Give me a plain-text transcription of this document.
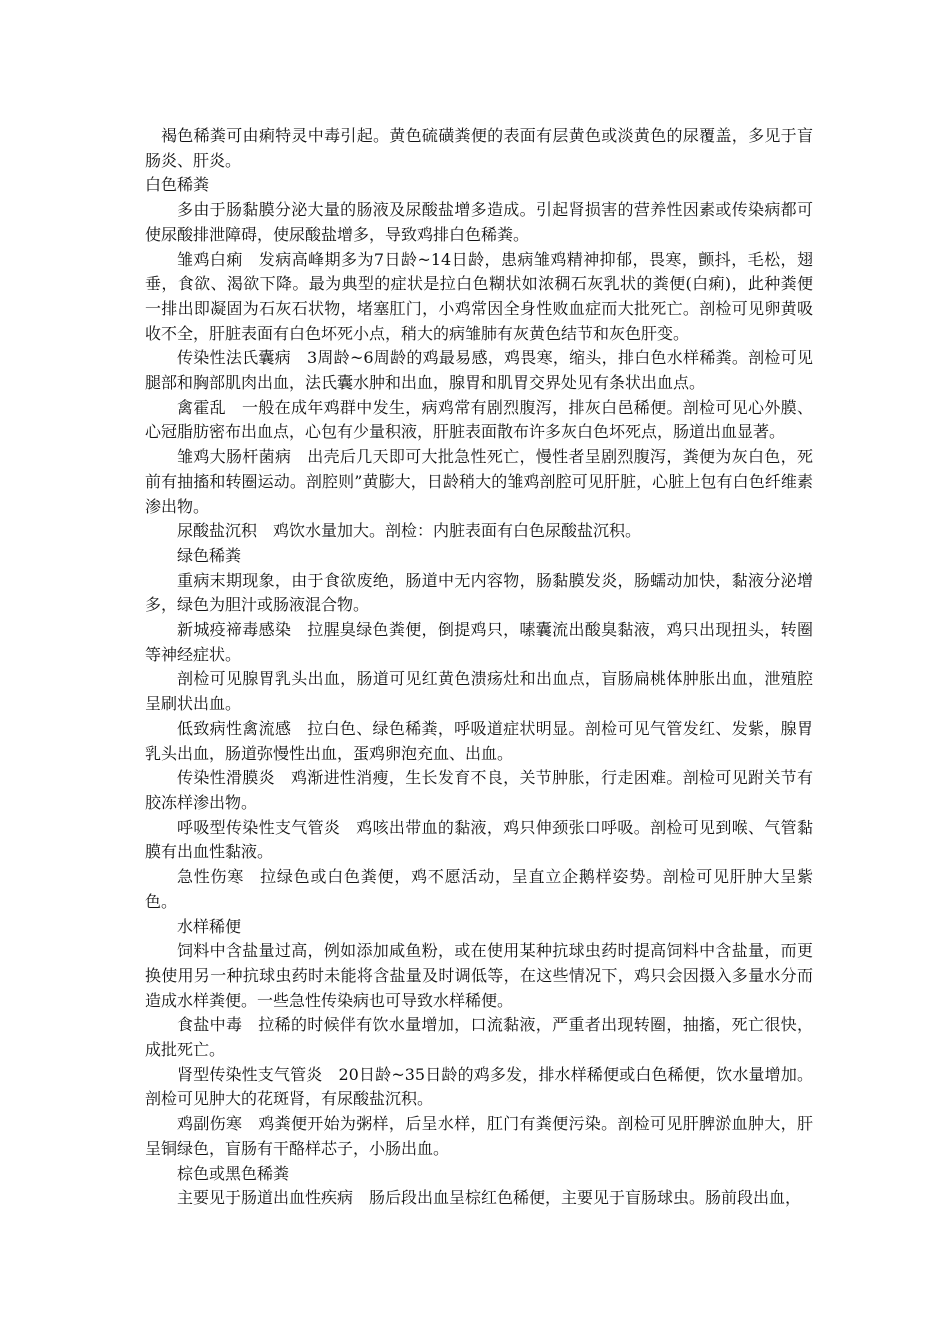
褐色稀粪可由痢特灵中毒引起。黄色硫磺粪便的表面有层黄色或淡黄色的尿覆盖，多见于盲肠炎、肝炎。

白色稀粪

多由于肠黏膜分泌大量的肠液及尿酸盐增多造成。引起肾损害的营养性因素或传染病都可使尿酸排泄障碍，使尿酸盐增多，导致鸡排白色稀粪。

雏鸡白痢 发病高峰期多为7日龄~14日龄，患病雏鸡精神抑郁，畏寒，颤抖，毛松，翅垂，食欲、渴欲下降。最为典型的症状是拉白色糊状如浓稠石灰乳状的粪便(白痢)，此种粪便一排出即凝固为石灰石状物，堵塞肛门，小鸡常因全身性败血症而大批死亡。剖检可见卵黄吸收不全，肝脏表面有白色坏死小点，稍大的病雏肺有灰黄色结节和灰色肝变。

传染性法氏囊病 3周龄~6周龄的鸡最易感，鸡畏寒，缩头，排白色水样稀粪。剖检可见腿部和胸部肌肉出血，法氏囊水肿和出血，腺胃和肌胃交界处见有条状出血点。

禽霍乱 一般在成年鸡群中发生，病鸡常有剧烈腹泻，排灰白邑稀便。剖检可见心外膜、心冠脂肪密布出血点，心包有少量积液，肝脏表面散布许多灰白色坏死点，肠道出血显著。

雏鸡大肠杆菌病 出壳后几天即可大批急性死亡，慢性者呈剧烈腹泻，粪便为灰白色，死前有抽搐和转圈运动。剖腔则”黄膨大，日龄稍大的雏鸡剖腔可见肝脏，心脏上包有白色纤维素渗出物。

尿酸盐沉积 鸡饮水量加大。剖检：内脏表面有白色尿酸盐沉积。

绿色稀粪

重病末期现象，由于食欲废绝，肠道中无内容物，肠黏膜发炎，肠蠕动加快，黏液分泌增多，绿色为胆汁或肠液混合物。

新城疫禘毒感染 拉腥臭绿色粪便，倒提鸡只，嗉囊流出酸臭黏液，鸡只出现扭头，转圈等神经症状。

剖检可见腺胃乳头出血，肠道可见红黄色溃疡灶和出血点，盲肠扁桃体肿胀出血，泄殖腔呈刷状出血。

低致病性禽流感 拉白色、绿色稀粪，呼吸道症状明显。剖检可见气管发红、发紫，腺胃乳头出血，肠道弥慢性出血，蛋鸡卵泡充血、出血。

传染性滑膜炎 鸡渐进性消瘦，生长发育不良，关节肿胀，行走困难。剖检可见跗关节有胶冻样渗出物。

呼吸型传染性支气管炎 鸡咳出带血的黏液，鸡只伸颈张口呼吸。剖检可见到喉、气管黏膜有出血性黏液。

急性伤寒 拉绿色或白色粪便，鸡不愿活动，呈直立企鹅样姿势。剖检可见肝肿大呈紫色。

水样稀便

饲料中含盐量过高，例如添加咸鱼粉，或在使用某种抗球虫药时提高饲料中含盐量，而更换使用另一种抗球虫药时未能将含盐量及时调低等，在这些情况下，鸡只会因摄入多量水分而造成水样粪便。一些急性传染病也可导致水样稀便。

食盐中毒 拉稀的时候伴有饮水量增加，口流黏液，严重者出现转圈，抽搐，死亡很快，成批死亡。

肾型传染性支气管炎 20日龄~35日龄的鸡多发，排水样稀便或白色稀便，饮水量增加。剖检可见肿大的花斑肾，有尿酸盐沉积。

鸡副伤寒 鸡粪便开始为粥样，后呈水样，肛门有粪便污染。剖检可见肝脾淤血肿大，肝呈铜绿色，盲肠有干酪样芯子，小肠出血。

棕色或黑色稀粪

主要见于肠道出血性疾病 肠后段出血呈棕红色稀便，主要见于盲肠球虫。肠前段出血，
